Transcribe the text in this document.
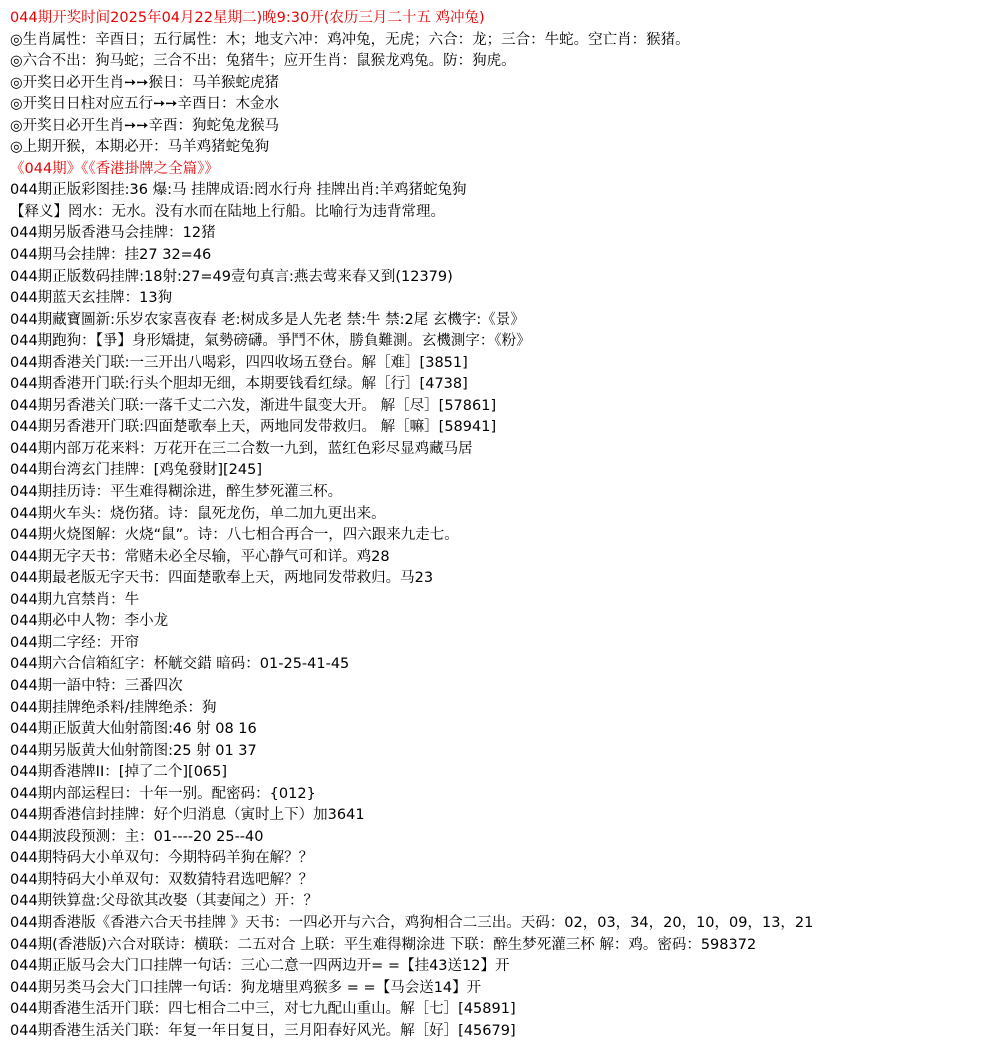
044期开奖时间2025年04月22星期二)晚9:30开(农历三月二十五 鸡冲兔)
◎生肖属性：辛酉日；五行属性：木；地支六冲：鸡冲兔，无虎；六合：龙；三合：牛蛇。空亡肖：猴猪。
◎六合不出：狗马蛇；三合不出：兔猪牛；应开生肖：鼠猴龙鸡兔。防：狗虎。
◎开奖日必开生肖➙➙猴日：马羊猴蛇虎猪
◎开奖日日柱对应五行➙➙辛酉日：木金水
◎开奖日必开生肖➙➙辛酉：狗蛇兔龙猴马
◎上期开猴，本期必开：马羊鸡猪蛇兔狗
《044期》《《香港掛牌之全篇》》
044期正版彩图挂:36 爆:马 挂牌成语:罔水行舟 挂牌出肖:羊鸡猪蛇兔狗
【释义】罔水：无水。没有水而在陆地上行船。比喻行为违背常理。
044期另版香港马会挂牌：12猪
044期马会挂牌：挂27 32=46
044期正版数码挂牌:18射:27=49壹句真言:燕去莺来春又到(12379)
044期蓝天玄挂牌：13狗
044期藏寶圖新:乐岁农家喜夜春 老:树成多是人先老 禁:牛 禁:2尾 玄機字:《景》
044期跑狗：【爭】身形矯捷，氣勢磅礴。爭鬥不休，勝負難測。玄機測字：《粉》
044期香港关门联:一三开出八喝彩，四四收场五登台。解［难］[3851]
044期香港开门联:行头个胆却无细，本期要钱看红绿。解［行］[4738]
044期另香港关门联:一落千丈二六发，渐进牛鼠变大开。 解［尽］[57861]
044期另香港开门联:四面楚歌奉上天，两地同发带救归。 解［嘛］[58941]
044期内部万花来料：万花开在三二合数一九到，蓝红色彩尽显鸡藏马居
044期台湾玄门挂牌：[鸡兔發財][245]
044期挂历诗：平生难得糊涂进，醉生梦死灌三杯。
044期火车头：烧伤猪。诗：鼠死龙伤，单二加九更出来。
044期火烧图解：火烧“鼠”。诗：八七相合再合一，四六跟来九走七。
044期无字天书：常赌未必全尽输，平心静气可和详。鸡28
044期最老版无字天书：四面楚歌奉上天，两地同发带救归。马23
044期九宫禁肖：牛
044期必中人物：李小龙
044期二字经：开帘
044期六合信箱紅字：杯觥交錯 暗码：01-25-41-45
044期一語中特：三番四次
044期挂牌绝杀料/挂牌绝杀：狗
044期正版黄大仙射箭图:46 射 08 16
044期另版黄大仙射箭图:25 射 01 37
044期香港牌II：[掉了二个][065]
044期内部运程曰：十年一别。配密码：{012}
044期香港信封挂牌：好个归消息（寅时上下）加3641
044期波段预测：主：01----20 25--40
044期特码大小单双句：今期特码羊狗在解？？
044期特码大小单双句：双数猜特君选吧解？？
044期铁算盘:父母欲其改娶（其妻闻之）开：？
044期香港版《香港六合天书挂牌 》天书：一四必开与六合，鸡狗相合二三出。天码：02，03，34，20，10，09，13，21
044期(香港版)六合对联诗：横联：二五对合 上联：平生难得糊涂进 下联：醉生梦死灌三杯 解：鸡。密码：598372
044期正版马会大门口挂牌一句话：三心二意一四两边开= =【挂43送12】开
044期另类马会大门口挂牌一句话：狗龙塘里鸡猴多 = =【马会送14】开
044期香港生活开门联：四七相合二中三，对七九配山重山。解［七］[45891]
044期香港生活关门联：年复一年日复日，三月阳春好风光。解［好］[45679]
